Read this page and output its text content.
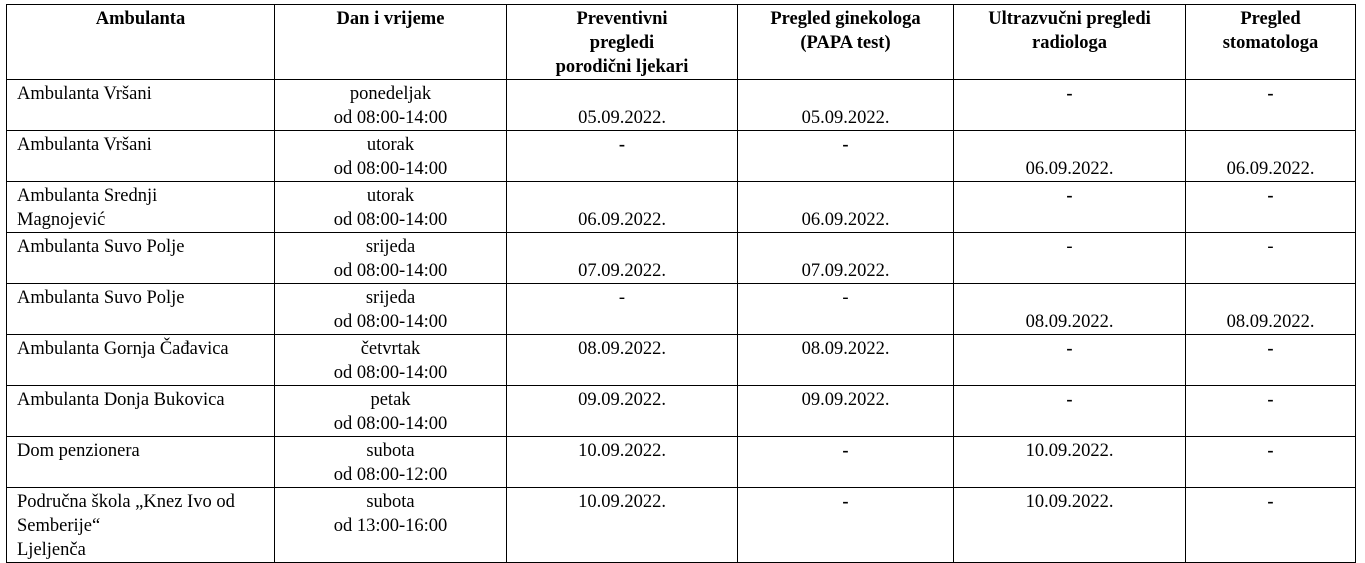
Ambulanta	Dan i vrijeme	Preventivni
pregledi
porodični ljekari	Pregled ginekologa
(PAPA test)	Ultrazvučni pregledi
radiologa	Pregled
stomatologa
Ambulanta Vršani	ponedeljak
od 08:00-14:00	05.09.2022.	05.09.2022.	-	-

Ambulanta Vršani	utorak
od 08:00-14:00	-	-	06.09.2022.	06.09.2022.

Ambulanta Srednji
Magnojević	utorak
od 08:00-14:00	06.09.2022.	06.09.2022.	-	-

Ambulanta Suvo Polje	srijeda
od 08:00-14:00	07.09.2022.	07.09.2022.	-	-

Ambulanta Suvo Polje	srijeda
od 08:00-14:00	-	-	08.09.2022.	08.09.2022.

Ambulanta Gornja Čađavica	četvrtak
od 08:00-14:00	08.09.2022.	08.09.2022.	-	-

Ambulanta Donja Bukovica	petak
od 08:00-14:00	09.09.2022.	09.09.2022.	-	-

Dom penzionera	subota
od 08:00-12:00	10.09.2022.	-	10.09.2022.	-

Područna škola „Knez Ivo od
Semberije“
Ljeljenča	subota
od 13:00-16:00	10.09.2022.	-	10.09.2022.	-
